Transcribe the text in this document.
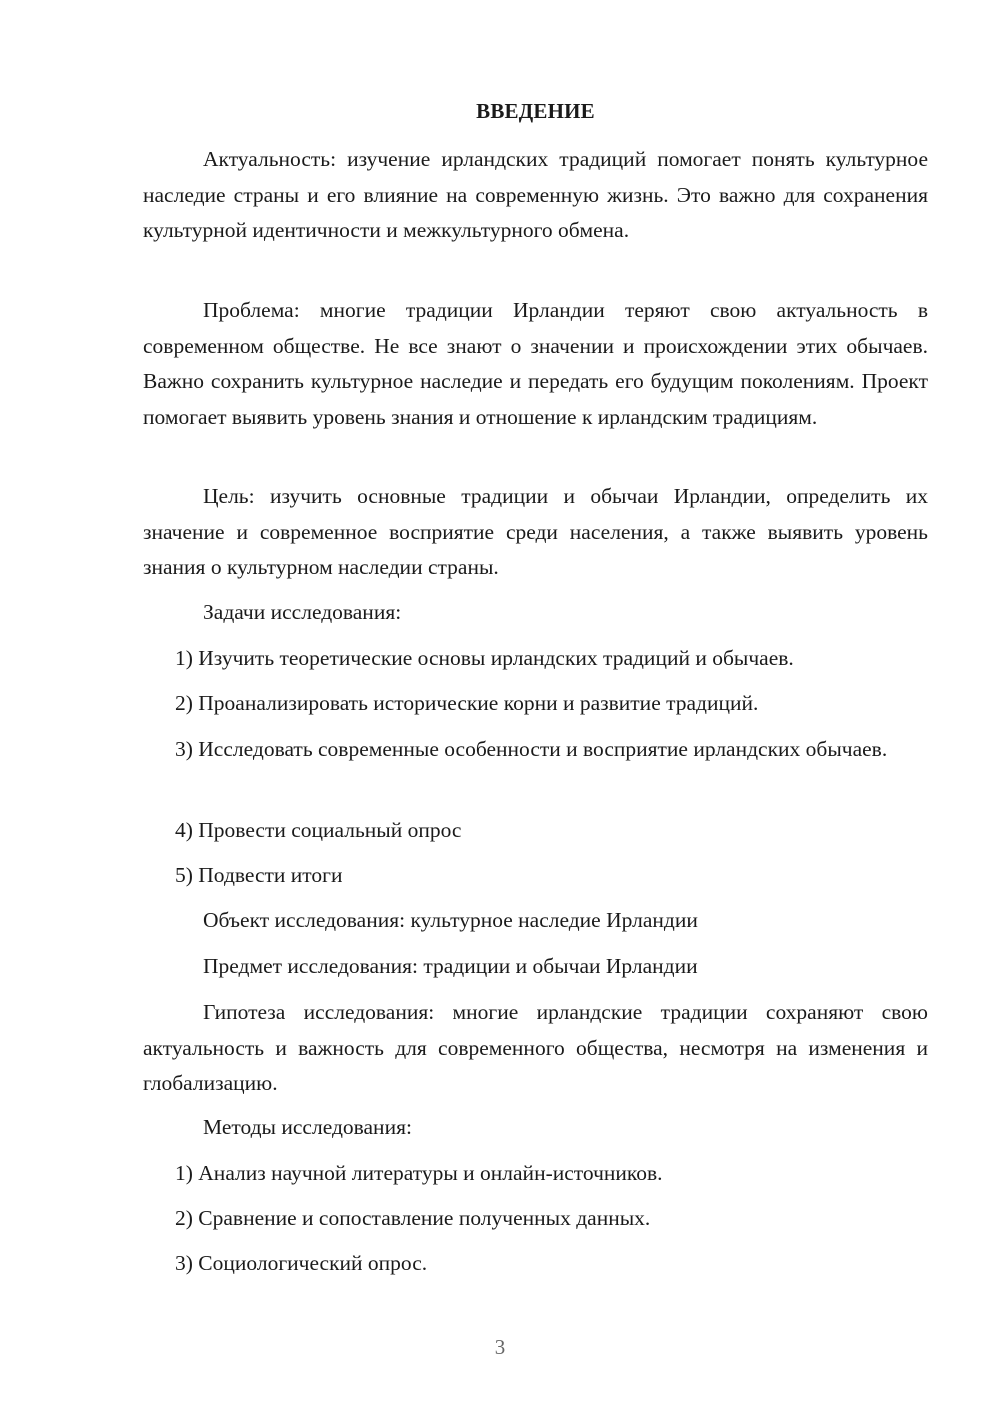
ВВЕДЕНИЕ

Актуальность: изучение ирландских традиций помогает понять культурное наследие страны и его влияние на современную жизнь. Это важно для сохранения культурной идентичности и межкультурного обмена.

Проблема: многие традиции Ирландии теряют свою актуальность в современном обществе. Не все знают о значении и происхождении этих обычаев. Важно сохранить культурное наследие и передать его будущим поколениям. Проект помогает выявить уровень знания и отношение к ирландским традициям.

Цель: изучить основные традиции и обычаи Ирландии, определить их значение и современное восприятие среди населения, а также выявить уровень знания о культурном наследии страны.

Задачи исследования:

1) Изучить теоретические основы ирландских традиций и обычаев.

2) Проанализировать исторические корни и развитие традиций.

3) Исследовать современные особенности и восприятие ирландских обычаев.

4) Провести социальный опрос

5) Подвести итоги

Объект исследования: культурное наследие Ирландии

Предмет исследования: традиции и обычаи Ирландии

Гипотеза исследования: многие ирландские традиции сохраняют свою актуальность и важность для современного общества, несмотря на изменения и глобализацию.

Методы исследования:

1) Анализ научной литературы и онлайн-источников.

2) Сравнение и сопоставление полученных данных.

3) Социологический опрос.

3
